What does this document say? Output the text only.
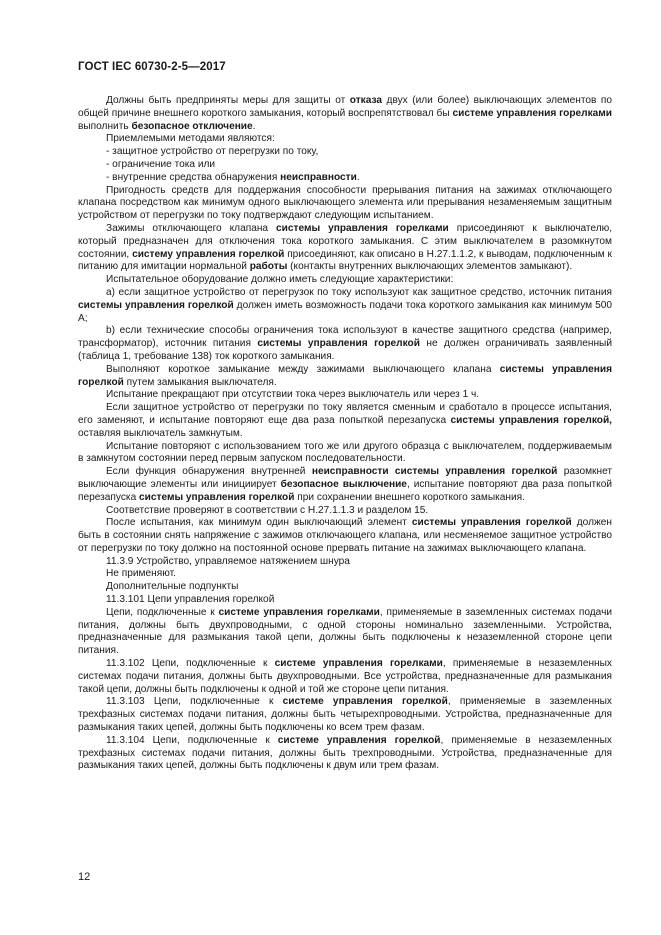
ГОСТ IEC 60730-2-5—2017

Должны быть предприняты меры для защиты от отказа двух (или более) выключающих элементов по общей причине внешнего короткого замыкания, который воспрепятствовал бы системе управления горелками выполнить безопасное отключение.

Приемлемыми методами являются:

- защитное устройство от перегрузки по току,

- ограничение тока или

- внутренние средства обнаружения неисправности.

Пригодность средств для поддержания способности прерывания питания на зажимах отключающего клапана посредством как минимум одного выключающего элемента или прерывания незаменяемым защитным устройством от перегрузки по току подтверждают следующим испытанием.

Зажимы отключающего клапана системы управления горелками присоединяют к выключателю, который предназначен для отключения тока короткого замыкания. С этим выключателем в разомкнутом состоянии, систему управления горелкой присоединяют, как описано в Н.27.1.1.2, к выводам, подключенным к питанию для имитации нормальной работы (контакты внутренних выключающих элементов замыкают).

Испытательное оборудование должно иметь следующие характеристики:

а) если защитное устройство от перегрузок по току используют как защитное средство, источник питания системы управления горелкой должен иметь возможность подачи тока короткого замыкания как минимум 500 А;

b) если технические способы ограничения тока используют в качестве защитного средства (например, трансформатор), источник питания системы управления горелкой не должен ограничивать заявленный (таблица 1, требование 138) ток короткого замыкания.

Выполняют короткое замыкание между зажимами выключающего клапана системы управления горелкой путем замыкания выключателя.

Испытание прекращают при отсутствии тока через выключатель или через 1 ч.

Если защитное устройство от перегрузки по току является сменным и сработало в процессе испытания, его заменяют, и испытание повторяют еще два раза попыткой перезапуска системы управления горелкой, оставляя выключатель замкнутым.

Испытание повторяют с использованием того же или другого образца с выключателем, поддерживаемым в замкнутом состоянии перед первым запуском последовательности.

Если функция обнаружения внутренней неисправности системы управления горелкой разомкнет выключающие элементы или инициирует безопасное выключение, испытание повторяют два раза попыткой перезапуска системы управления горелкой при сохранении внешнего короткого замыкания.

Соответствие проверяют в соответствии с Н.27.1.1.3 и разделом 15.

После испытания, как минимум один выключающий элемент системы управления горелкой должен быть в состоянии снять напряжение с зажимов отключающего клапана, или несменяемое защитное устройство от перегрузки по току должно на постоянной основе прервать питание на зажимах выключающего клапана.

11.3.9 Устройство, управляемое натяжением шнура

Не применяют.

Дополнительные подпункты

11.3.101 Цепи управления горелкой

Цепи, подключенные к системе управления горелками, применяемые в заземленных системах подачи питания, должны быть двухпроводными, с одной стороны номинально заземленными. Устройства, предназначенные для размыкания такой цепи, должны быть подключены к незаземленной стороне цепи питания.

11.3.102 Цепи, подключенные к системе управления горелками, применяемые в незаземленных системах подачи питания, должны быть двухпроводными. Все устройства, предназначенные для размыкания такой цепи, должны быть подключены к одной и той же стороне цепи питания.

11.3.103 Цепи, подключенные к системе управления горелкой, применяемые в заземленных трехфазных системах подачи питания, должны быть четырехпроводными. Устройства, предназначенные для размыкания таких цепей, должны быть подключены ко всем трем фазам.

11.3.104 Цепи, подключенные к системе управления горелкой, применяемые в незаземленных трехфазных системах подачи питания, должны быть трехпроводными. Устройства, предназначенные для размыкания таких цепей, должны быть подключены к двум или трем фазам.

12
